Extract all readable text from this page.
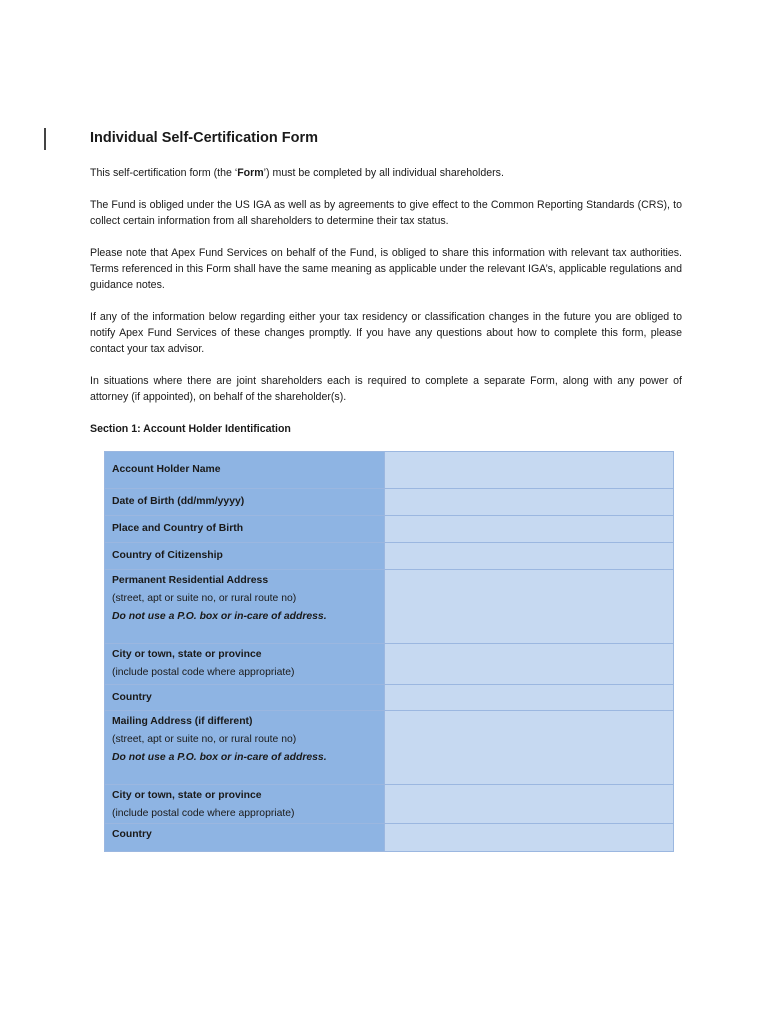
Individual Self-Certification Form

This self-certification form (the ‘Form’) must be completed by all individual shareholders.

The Fund is obliged under the US IGA as well as by agreements to give effect to the Common Reporting Standards (CRS), to collect certain information from all shareholders to determine their tax status.

Please note that Apex Fund Services on behalf of the Fund, is obliged to share this information with relevant tax authorities. Terms referenced in this Form shall have the same meaning as applicable under the relevant IGA’s, applicable regulations and guidance notes.

If any of the information below regarding either your tax residency or classification changes in the future you are obliged to notify Apex Fund Services of these changes promptly. If you have any questions about how to complete this form, please contact your tax advisor.

In situations where there are joint shareholders each is required to complete a separate Form, along with any power of attorney (if appointed), on behalf of the shareholder(s).

Section 1: Account Holder Identification
Account Holder Name	

Date of Birth (dd/mm/yyyy)	

Place and Country of Birth	

Country of Citizenship	

Permanent Residential Address
(street, apt or suite no, or rural route no)
Do not use a P.O. box or in-care of address.	

City or town, state or province
(include postal code where appropriate)	

Country	

Mailing Address (if different)
(street, apt or suite no, or rural route no)
Do not use a P.O. box or in-care of address.	

City or town, state or province
(include postal code where appropriate)	

Country	
